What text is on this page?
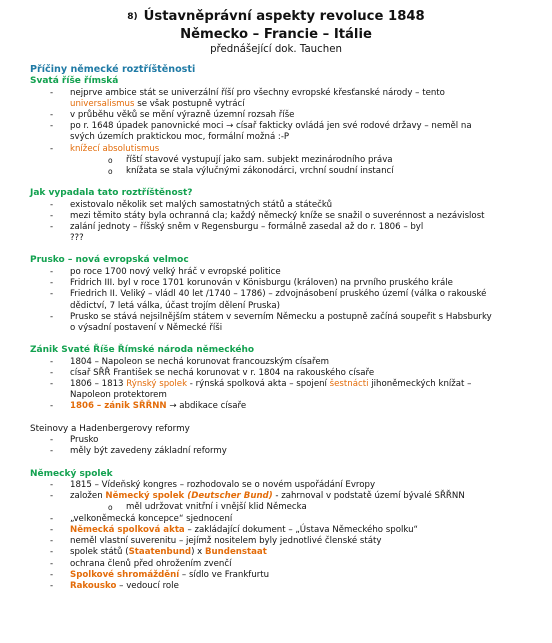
8) Ústavněprávní aspekty revoluce 1848
Německo – Francie – Itálie
přednášející dok. Tauchen
Příčiny německé roztříštěnosti
Svatá říše římská
- nejprve ambice stát se univerzální říší pro všechny evropské křesťanské národy – tento
universalismus se však postupně vytrácí
- v průběhu věků se mění výrazně územní rozsah říše
- po r. 1648 úpadek panovnické moci → císař fakticky ovládá jen své rodové državy – neměl na
svých územích praktickou moc, formální možná :-P
- knížecí absolutismus
o říští stavové vystupují jako sam. subjekt mezinárodního práva
o knížata se stala výlučnými zákonodárci, vrchní soudní instancí
Jak vypadala tato roztříštěnost?
- existovalo několik set malých samostatných států a státečků
- mezi těmito státy byla ochranná cla; každý německý kníže se snažil o suverénnost a nezávislost
- zalání jednoty – říšský sněm v Regensburgu – formálně zasedal až do r. 1806 – byl
???
Prusko – nová evropská velmoc
- po roce 1700 nový velký hráč v evropské politice
- Fridrich III. byl v roce 1701 korunován v Könisburgu (královen) na prvního pruského krále
- Friedrich II. Veliký – vládl 40 let /1740 – 1786) – zdvojnásobení pruského území (válka o rakouské
dědictví, 7 letá válka, účast trojím dělení Pruska)
- Prusko se stává nejsilnějším státem v severním Německu a postupně začíná soupeřit s Habsburky
o výsadní postavení v Německé říši
Zánik Svaté Říše Římské národa německého
- 1804 – Napoleon se nechá korunovat francouzským císařem
- císař SŘŘ František se nechá korunovat v r. 1804 na rakouského císaře
- 1806 – 1813 Rýnský spolek - rýnská spolková akta – spojení šestnácti jihoněmeckých knížat –
Napoleon protektorem
- 1806 – zánik SŘŘNN → abdikace císaře
Steinovy a Hadenbergerovy reformy
- Prusko
- měly být zavedeny základní reformy
Německý spolek
- 1815 – Vídeňský kongres – rozhodovalo se o novém uspořádání Evropy
- založen Německý spolek (Deutscher Bund) - zahrnoval v podstatě území bývalé SŘŘNN
o měl udržovat vnitřní i vnější klid Německa
- „velkoněmecká koncepce“ sjednocení
- Německá spolková akta – zakládající dokument – „Ústava Německého spolku“
- neměl vlastní suverenitu – jejímž nositelem byly jednotlivé členské státy
- spolek států (Staatenbund) x Bundenstaat
- ochrana členů před ohrožením zvenčí
- Spolkové shromáždění – sídlo ve Frankfurtu
- Rakousko – vedoucí role
